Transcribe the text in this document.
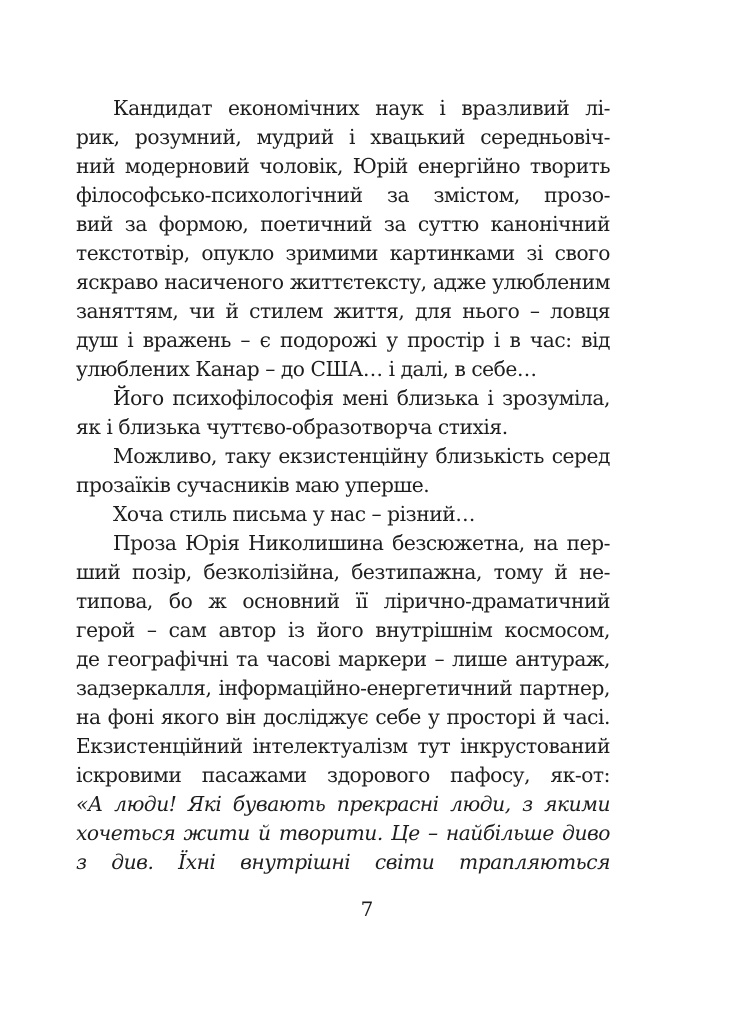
Кандидат економічних наук і вразливий лі-
рик, розумний, мудрий і хвацький середньовіч-
ний модерновий чоловік, Юрій енергійно творить
філософсько-психологічний за змістом, прозо-
вий за формою, поетичний за суттю канонічний
текстотвір, опукло зримими картинками зі свого
яскраво насиченого життєтексту, адже улюбленим
заняттям, чи й стилем життя, для нього – ловця
душ і вражень – є подорожі у простір і в час: від
улюблених Канар – до США… і далі, в себе…
Його психофілософія мені близька і зрозуміла,
як і близька чуттєво-образотворча стихія.
Можливо, таку екзистенційну близькість серед
прозаїків сучасників маю уперше.
Хоча стиль письма у нас – різний…
Проза Юрія Николишина безсюжетна, на пер-
ший позір, безколізійна, безтипажна, тому й не-
типова, бо ж основний її лірично-драматичний
герой – сам автор із його внутрішнім космосом,
де географічні та часові маркери – лише антураж,
задзеркалля, інформаційно-енергетичний партнер,
на фоні якого він досліджує себе у просторі й часі.
Екзистенційний інтелектуалізм тут інкрустований
іскровими пасажами здорового пафосу, як-от:
«А люди! Які бувають прекрасні люди, з якими
хочеться жити й творити. Це – найбільше диво
з див. Їхні внутрішні світи трапляються
7
